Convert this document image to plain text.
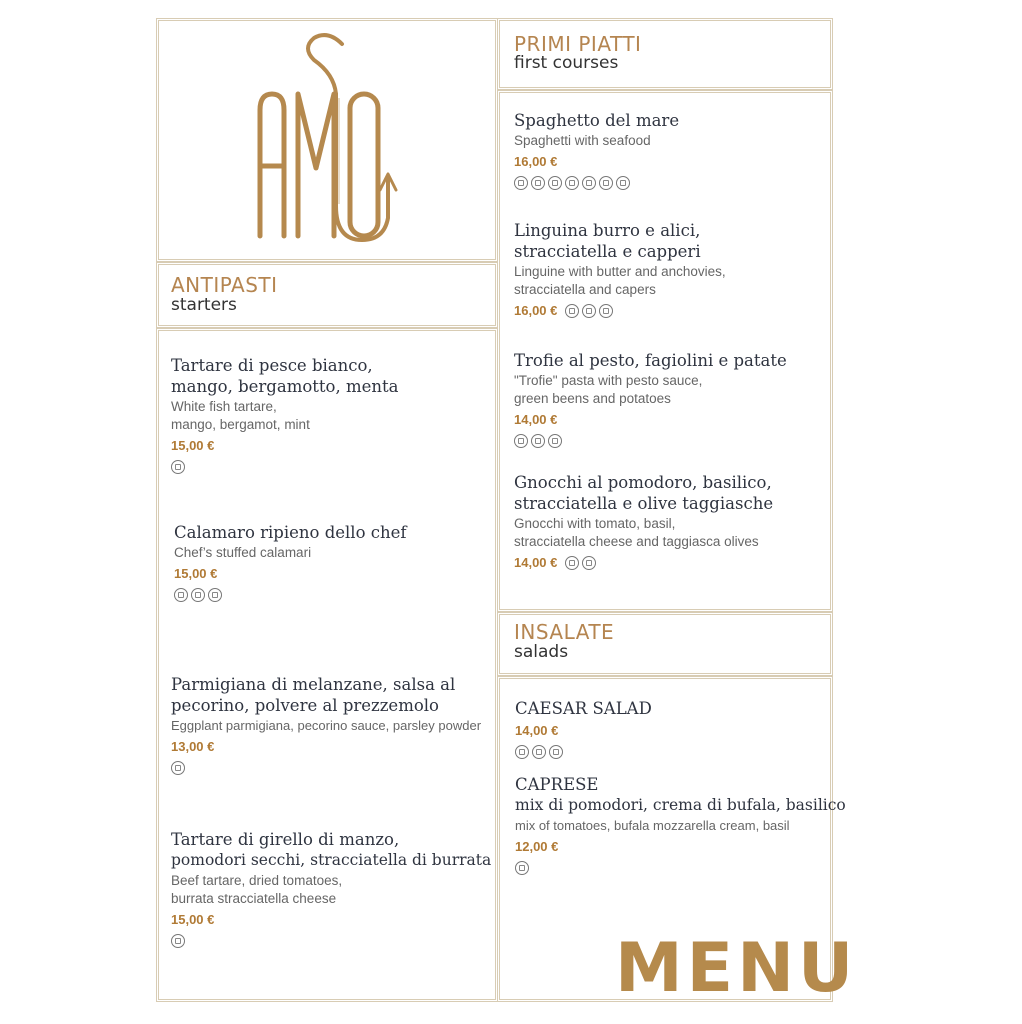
ANTIPASTI
starters
Tartare di pesce bianco,
mango, bergamotto, menta
White fish tartare,
mango, bergamot, mint
15,00 €
Calamaro ripieno dello chef
Chef’s stuffed calamari
15,00 €
Parmigiana di melanzane, salsa al
pecorino, polvere al prezzemolo
Eggplant parmigiana, pecorino sauce, parsley powder
13,00 €
Tartare di girello di manzo,
pomodori secchi, stracciatella di burrata
Beef tartare, dried tomatoes,
burrata stracciatella cheese
15,00 €
PRIMI PIATTI
first courses
Spaghetto del mare
Spaghetti with seafood
16,00 €
Linguina burro e alici,
stracciatella e capperi
Linguine with butter and anchovies,
stracciatella and capers
16,00 €
Trofie al pesto, fagiolini e patate
"Trofie" pasta with pesto sauce,
green beens and potatoes
14,00 €
Gnocchi al pomodoro, basilico,
stracciatella e olive taggiasche
Gnocchi with tomato, basil,
stracciatella cheese and taggiasca olives
14,00 €
INSALATE
salads
CAESAR SALAD
14,00 €
CAPRESE
mix di pomodori, crema di bufala, basilico
mix of tomatoes, bufala mozzarella cream, basil
12,00 €
MENU
